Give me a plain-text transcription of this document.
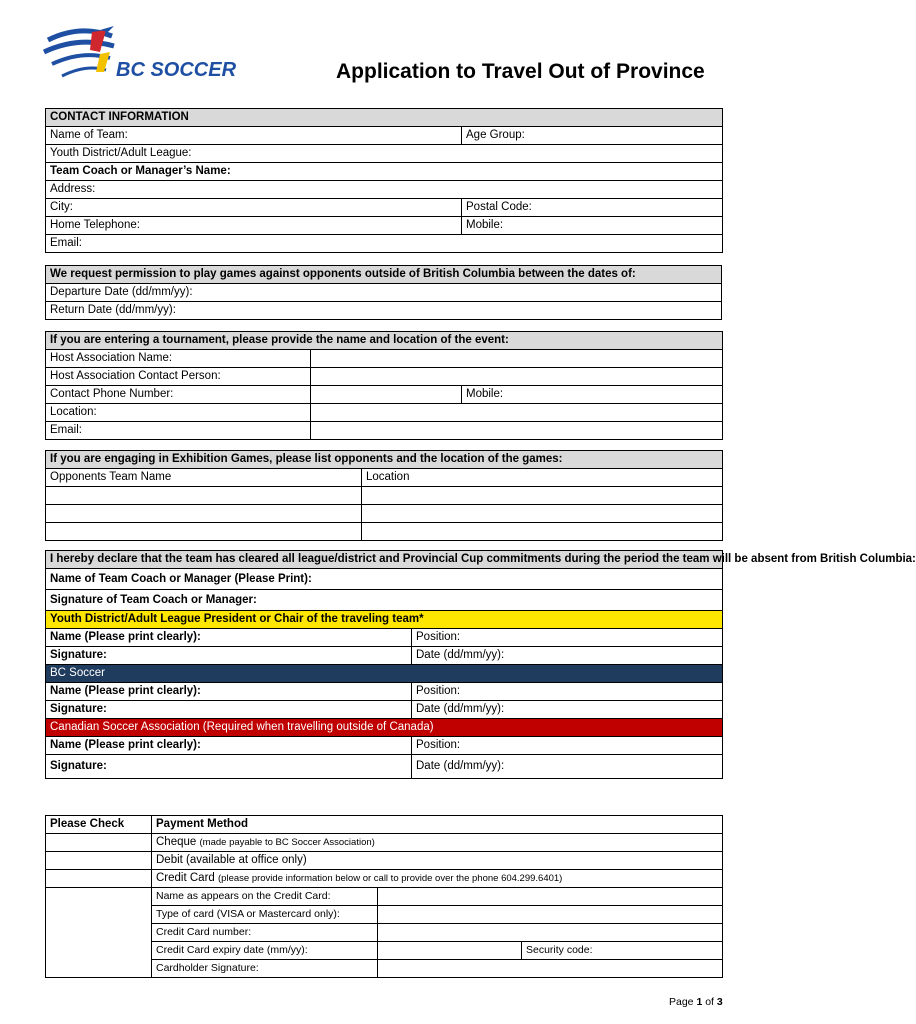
BC SOCCER	Application to Travel Out of Province
CONTACT INFORMATION	
Name of Team:	Age Group:
Youth District/Adult League:	
Team Coach or Manager’s Name:	
Address:	
City:	Postal Code:
Home Telephone:	Mobile:
Email:	
We request permission to play games against opponents outside of British Columbia between the dates of:
Departure Date (dd/mm/yy):
Return Date (dd/mm/yy):
If you are entering a tournament, please provide the name and location of the event:		
Host Association Name:		
Host Association Contact Person:		
Contact Phone Number:		Mobile:
Location:		
Email:		
If you are engaging in Exhibition Games, please list opponents and the location of the games:	
Opponents Team Name	Location

I hereby declare that the team has cleared all league/district and Provincial Cup commitments during the period the team will be absent from British Columbia:	
Name of Team Coach or Manager (Please Print):	
Signature of Team Coach or Manager:	
Youth District/Adult League President or Chair of the traveling team*	
Name (Please print clearly):	Position:
Signature:	Date (dd/mm/yy):
BC Soccer	
Name (Please print clearly):	Position:
Signature:	Date (dd/mm/yy):
Canadian Soccer Association (Required when travelling outside of Canada)	
Name (Please print clearly):	Position:
Signature:	Date (dd/mm/yy):
Please Check	Payment Method		
	Cheque (made payable to BC Soccer Association)		
	Debit (available at office only)		
	Credit Card (please provide information below or call to provide over the phone 604.299.6401)		
	Name as appears on the Credit Card:		
	Type of card (VISA or Mastercard only):		
	Credit Card number:		
	Credit Card expiry date (mm/yy):		Security code:
	Cardholder Signature:		
Page 1 of 3
